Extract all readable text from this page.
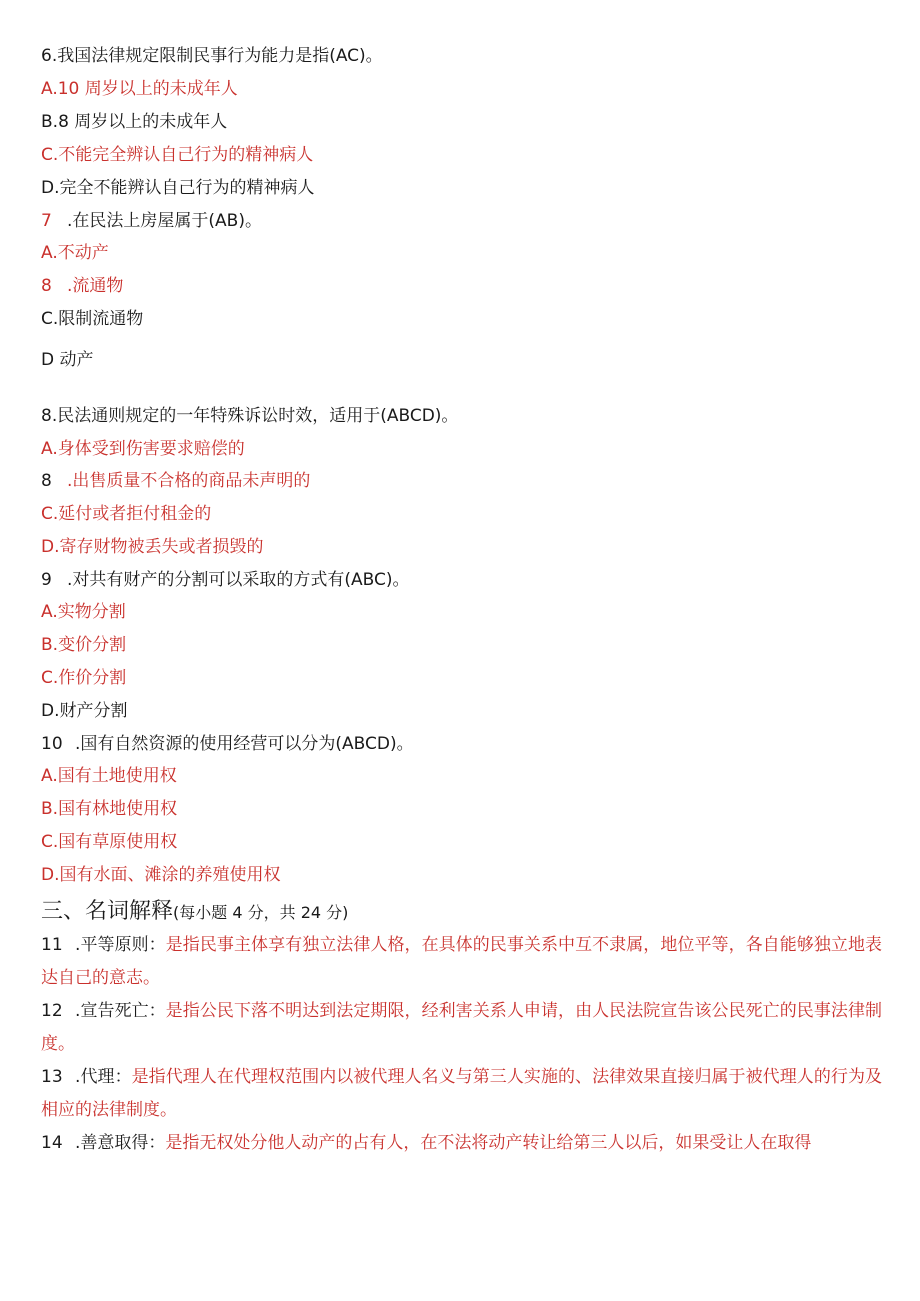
6.我国法律规定限制民事行为能力是指(AC)。
A.10 周岁以上的未成年人
B.8 周岁以上的未成年人
C.不能完全辨认自己行为的精神病人
D.完全不能辨认自己行为的精神病人
7 .在民法上房屋属于(AB)。
A.不动产
8 .流通物
C.限制流通物
D 动产
8.民法通则规定的一年特殊诉讼时效，适用于(ABCD)。
A.身体受到伤害要求赔偿的
8 .出售质量不合格的商品未声明的
C.延付或者拒付租金的
D.寄存财物被丢失或者损毁的
9 .对共有财产的分割可以采取的方式有(ABC)。
A.实物分割
B.变价分割
C.作价分割
D.财产分割
10 .国有自然资源的使用经营可以分为(ABCD)。
A.国有土地使用权
B.国有林地使用权
C.国有草原使用权
D.国有水面、滩涂的养殖使用权
三、名词解释(每小题 4 分，共 24 分)
11 .平等原则：是指民事主体享有独立法律人格，在具体的民事关系中互不隶属，地位平等，各自能够独立地表达自己的意志。
12 .宣告死亡：是指公民下落不明达到法定期限，经利害关系人申请，由人民法院宣告该公民死亡的民事法律制度。
13 .代理：是指代理人在代理权范围内以被代理人名义与第三人实施的、法律效果直接归属于被代理人的行为及相应的法律制度。
14 .善意取得：是指无权处分他人动产的占有人，在不法将动产转让给第三人以后，如果受让人在取得
